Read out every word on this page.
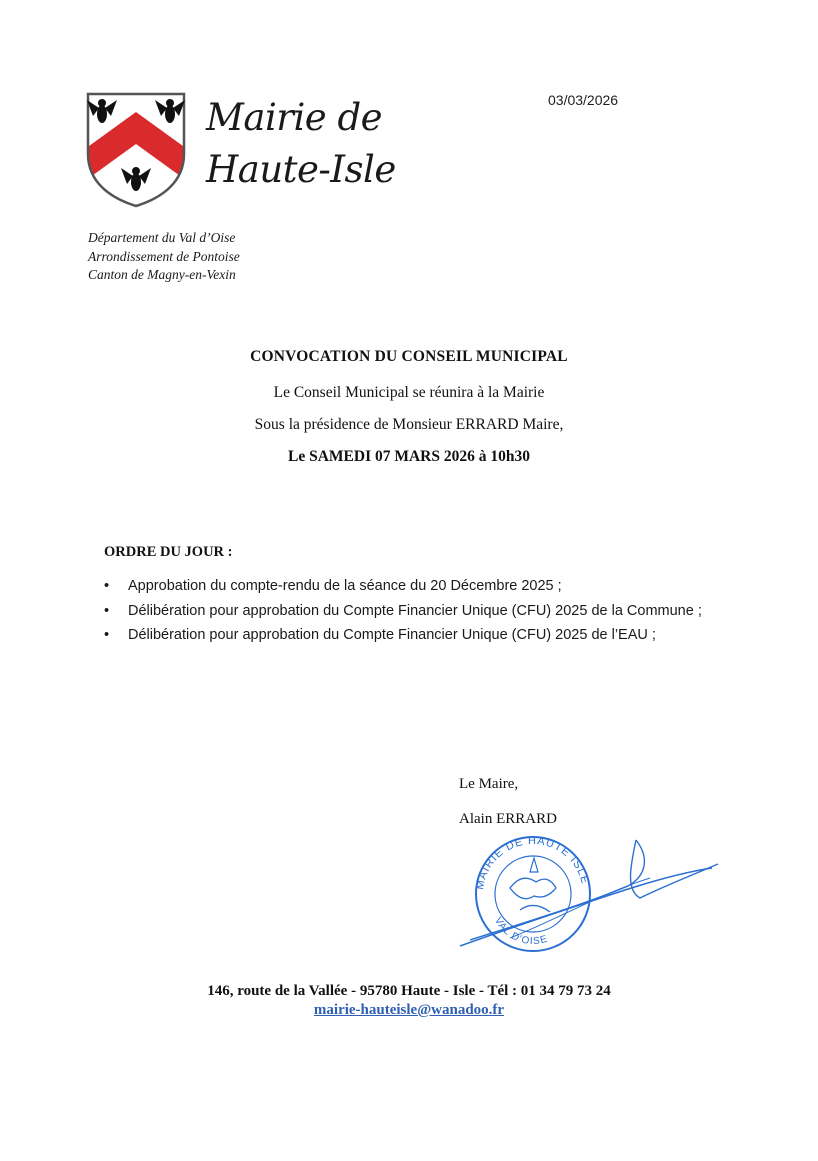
Mairie de
Haute-Isle
03/03/2026
Département du Val d’Oise
Arrondissement de Pontoise
Canton de Magny-en-Vexin
CONVOCATION DU CONSEIL MUNICIPAL
Le Conseil Municipal se réunira à la Mairie
Sous la présidence de Monsieur ERRARD Maire,
Le SAMEDI 07 MARS 2026 à 10h30
ORDRE DU JOUR :
• Approbation du compte-rendu de la séance du 20 Décembre 2025 ;
• Délibération pour approbation du Compte Financier Unique (CFU) 2025 de la Commune ;
• Délibération pour approbation du Compte Financier Unique (CFU) 2025 de l’EAU ;
Le Maire,
Alain ERRARD
MAIRIE DE HAUTE ISLE
VAL D'OISE
146, route de la Vallée - 95780 Haute - Isle - Tél : 01 34 79 73 24
mairie-hauteisle@wanadoo.fr
